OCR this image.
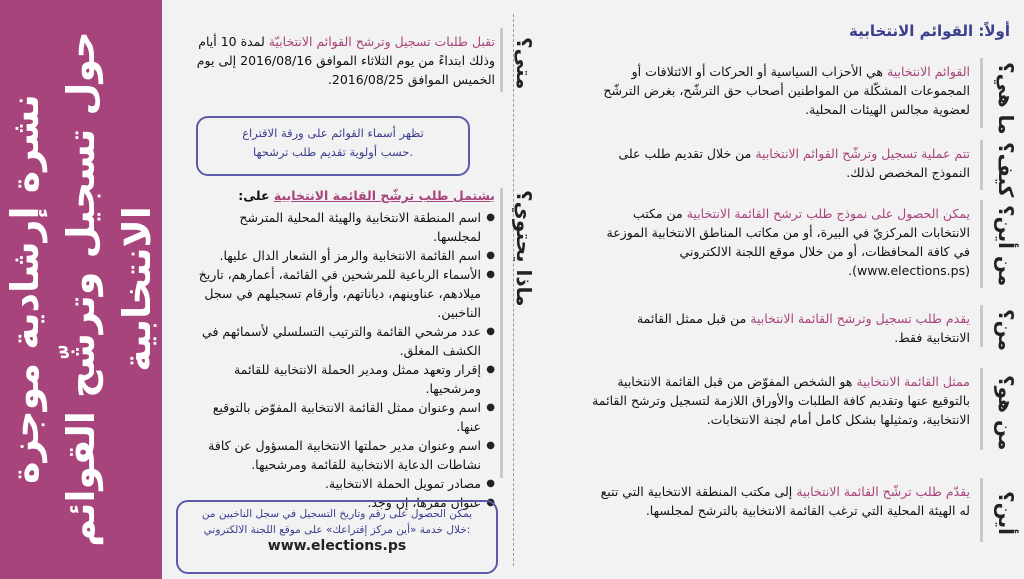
نشرة إرشادية موجزة حول تسجيل وترشّح القوائم الانتخابية
أولاً: القوائم الانتخابية
ما هي؟
القوائم الانتخابية هي الأحزاب السياسية أو الحركات أو الائتلافات أو المجموعات المشكّلة من المواطنين أصحاب حق الترشّح، بغرض الترشّح لعضوية مجالس الهيئات المحلية.
كيف؟
تتم عملية تسجيل وترشّح القوائم الانتخابية من خلال تقديم طلب على النموذج المخصص لذلك.
من أين؟
يمكن الحصول على نموذج طلب ترشح القائمة الانتخابية من مكتب الانتخابات المركزيّ في البيرة، أو من مكاتب المناطق الانتخابية الموزعة في كافة المحافظات، أو من خلال موقع اللجنة الالكتروني (www.elections.ps).
من؟
يقدم طلب تسجيل وترشح القائمة الانتخابية من قبل ممثل القائمة الانتخابية فقط.
من هو؟
ممثل القائمة الانتخابية هو الشخص المفوّض من قبل القائمة الانتخابية بالتوقيع عنها وتقديم كافة الطلبات والأوراق اللازمة لتسجيل وترشح القائمة الانتخابية، وتمثيلها بشكل كامل أمام لجنة الانتخابات.
أين؟
يقدّم طلب ترشّح القائمة الانتخابية إلى مكتب المنطقة الانتخابية التي تتبع له الهيئة المحلية التي ترغب القائمة الانتخابية بالترشح لمجلسها.
متى؟
تقبل طلبات تسجيل وترشح القوائم الانتخابيّة لمدة 10 أيام وذلك ابتداءً من يوم الثلاثاء الموافق 2016/08/16 إلى يوم الخميس الموافق 2016/08/25.
تظهر أسماء القوائم على ورقة الاقتراع
حسب أولوية تقديم طلب ترشحها.
ماذا يحتوي؟
يشتمل طلب ترشّح القائمة الانتخابية على:
● اسم المنطقة الانتخابية والهيئة المحلية المترشح لمجلسها.
● اسم القائمة الانتخابية والرمز أو الشعار الدال عليها.
● الأسماء الرباعية للمرشحين في القائمة، أعمارهم، تاريخ ميلادهم، عناوينهم، دياناتهم، وأرقام تسجيلهم في سجل الناخبين.
● عدد مرشحي القائمة والترتيب التسلسلي لأسمائهم في الكشف المغلق.
● إقرار وتعهد ممثل ومدير الحملة الانتخابية للقائمة ومرشحيها.
● اسم وعنوان ممثل القائمة الانتخابية المفوّض بالتوقيع عنها.
● اسم وعنوان مدير حملتها الانتخابية المسؤول عن كافة نشاطات الدعاية الانتخابية للقائمة ومرشحيها.
● مصادر تمويل الحملة الانتخابية.
● عنوان مقرها، إن وجد.
يمكن الحصول على رقم وتاريخ التسجيل في سجل الناخبين من
خلال خدمة «أين مركز إقتراعك» على موقع اللجنة الالكتروني:
www.elections.ps
